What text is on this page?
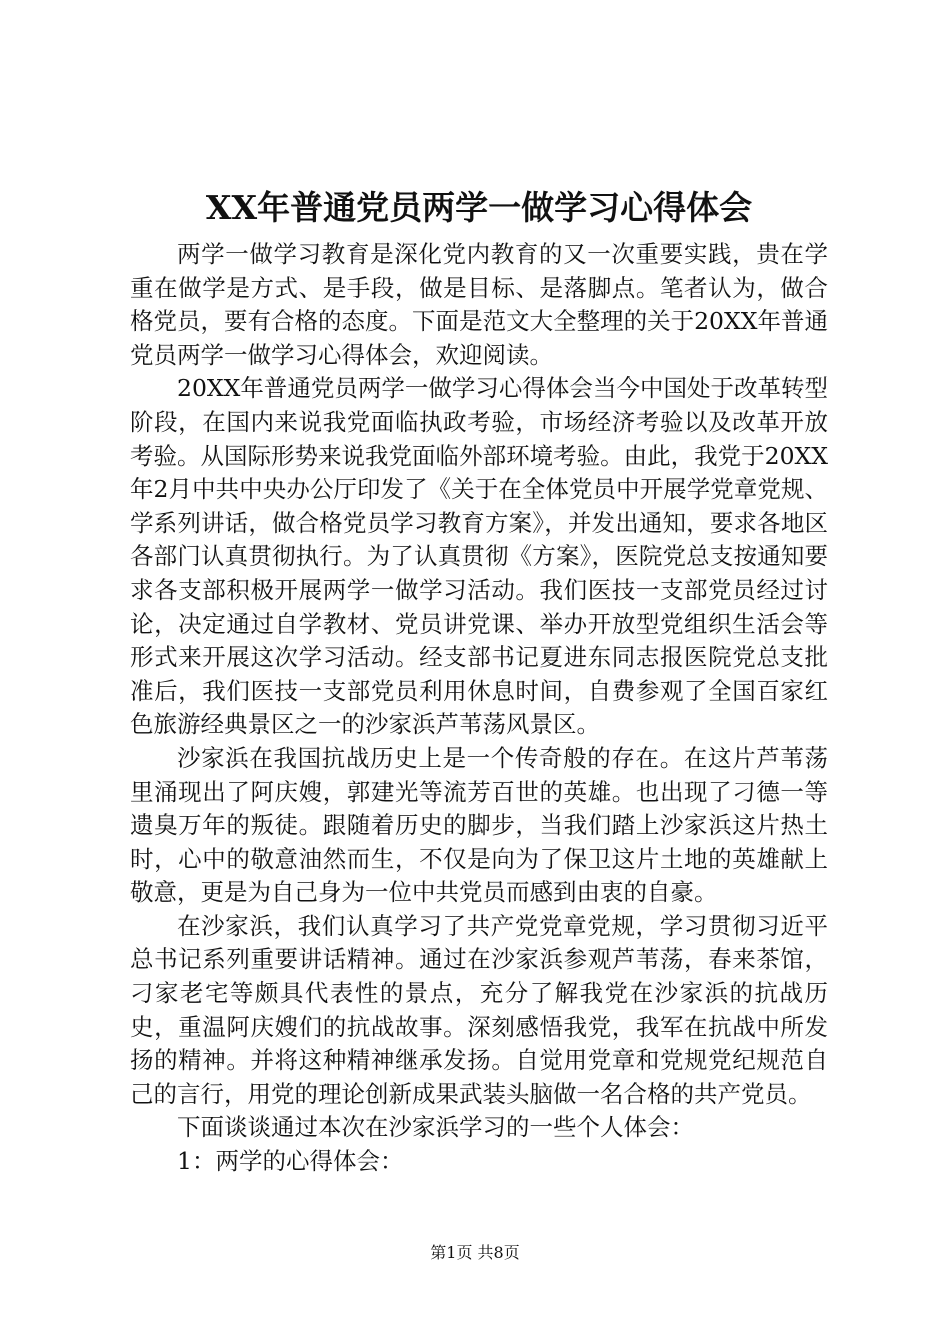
XX年普通党员两学一做学习心得体会

两学一做学习教育是深化党内教育的又一次重要实践，贵在学重在做学是方式、是手段，做是目标、是落脚点。笔者认为，做合格党员，要有合格的态度。下面是范文大全整理的关于20XX年普通党员两学一做学习心得体会，欢迎阅读。

20XX年普通党员两学一做学习心得体会当今中国处于改革转型阶段，在国内来说我党面临执政考验，市场经济考验以及改革开放考验。从国际形势来说我党面临外部环境考验。由此，我党于20XX年2月中共中央办公厅印发了《关于在全体党员中开展学党章党规、学系列讲话，做合格党员学习教育方案》，并发出通知，要求各地区各部门认真贯彻执行。为了认真贯彻《方案》，医院党总支按通知要求各支部积极开展两学一做学习活动。我们医技一支部党员经过讨论，决定通过自学教材、党员讲党课、举办开放型党组织生活会等形式来开展这次学习活动。经支部书记夏进东同志报医院党总支批准后，我们医技一支部党员利用休息时间，自费参观了全国百家红色旅游经典景区之一的沙家浜芦苇荡风景区。

沙家浜在我国抗战历史上是一个传奇般的存在。在这片芦苇荡里涌现出了阿庆嫂，郭建光等流芳百世的英雄。也出现了刁德一等遗臭万年的叛徒。跟随着历史的脚步，当我们踏上沙家浜这片热土时，心中的敬意油然而生，不仅是向为了保卫这片土地的英雄献上敬意，更是为自己身为一位中共党员而感到由衷的自豪。

在沙家浜，我们认真学习了共产党党章党规，学习贯彻习近平总书记系列重要讲话精神。通过在沙家浜参观芦苇荡，春来茶馆，刁家老宅等颇具代表性的景点，充分了解我党在沙家浜的抗战历史，重温阿庆嫂们的抗战故事。深刻感悟我党，我军在抗战中所发扬的精神。并将这种精神继承发扬。自觉用党章和党规党纪规范自己的言行，用党的理论创新成果武装头脑做一名合格的共产党员。

下面谈谈通过本次在沙家浜学习的一些个人体会：

1：两学的心得体会：

第1页 共8页
